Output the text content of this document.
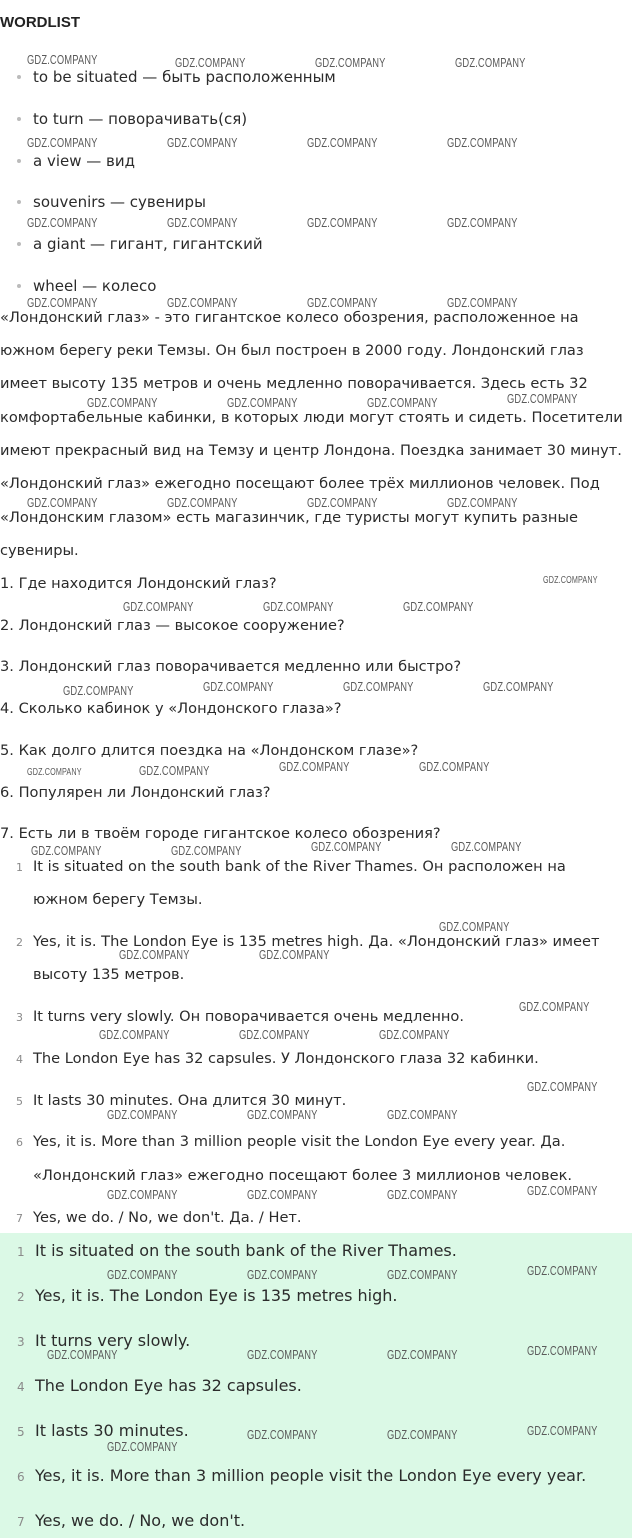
WORDLIST
to be situated — быть расположенным
to turn — поворачивать(ся)
a view — вид
souvenirs — сувениры
a giant — гигант, гигантский
wheel — колесо
«Лондонский глаз» - это гигантское колесо обозрения, расположенное на
южном берегу реки Темзы. Он был построен в 2000 году. Лондонский глаз
имеет высоту 135 метров и очень медленно поворачивается. Здесь есть 32
комфортабельные кабинки, в которых люди могут стоять и сидеть. Посетители
имеют прекрасный вид на Темзу и центр Лондона. Поездка занимает 30 минут.
«Лондонский глаз» ежегодно посещают более трёх миллионов человек. Под
«Лондонским глазом» есть магазинчик, где туристы могут купить разные
сувениры.
1. Где находится Лондонский глаз?
2. Лондонский глаз — высокое сооружение?
3. Лондонский глаз поворачивается медленно или быстро?
4. Сколько кабинок у «Лондонского глаза»?
5. Как долго длится поездка на «Лондонском глазе»?
6. Популярен ли Лондонский глаз?
7. Есть ли в твоём городе гигантское колесо обозрения?
1 It is situated on the south bank of the River Thames. Он расположен на
южном берегу Темзы.
2 Yes, it is. The London Eye is 135 metres high. Да. «Лондонский глаз» имеет
высоту 135 метров.
3 It turns very slowly. Он поворачивается очень медленно.
4 The London Eye has 32 capsules. У Лондонского глаза 32 кабинки.
5 It lasts 30 minutes. Она длится 30 минут.
6 Yes, it is. More than 3 million people visit the London Eye every year. Да.
«Лондонский глаз» ежегодно посещают более 3 миллионов человек.
7 Yes, we do. / No, we don't. Да. / Нет.
1 It is situated on the south bank of the River Thames.
2 Yes, it is. The London Eye is 135 metres high.
3 It turns very slowly.
4 The London Eye has 32 capsules.
5 It lasts 30 minutes.
6 Yes, it is. More than 3 million people visit the London Eye every year.
7 Yes, we do. / No, we don't.
GDZ.COMPANY	GDZ.COMPANY	GDZ.COMPANY	GDZ.COMPANY
GDZ.COMPANY	GDZ.COMPANY	GDZ.COMPANY	GDZ.COMPANY
GDZ.COMPANY	GDZ.COMPANY	GDZ.COMPANY	GDZ.COMPANY
GDZ.COMPANY	GDZ.COMPANY	GDZ.COMPANY	GDZ.COMPANY
GDZ.COMPANY	GDZ.COMPANY	GDZ.COMPANY	GDZ.COMPANY
GDZ.COMPANY	GDZ.COMPANY	GDZ.COMPANY	GDZ.COMPANY
GDZ.COMPANY	GDZ.COMPANY	GDZ.COMPANY
GDZ.COMPANY	GDZ.COMPANY	GDZ.COMPANY	GDZ.COMPANY
GDZ.COMPANY	GDZ.COMPANY	GDZ.COMPANY
GDZ.COMPANY	GDZ.COMPANY	GDZ.COMPANY	GDZ.COMPANY
GDZ.COMPANY
GDZ.COMPANY	GDZ.COMPANY
GDZ.COMPANY
GDZ.COMPANY	GDZ.COMPANY	GDZ.COMPANY
GDZ.COMPANY
GDZ.COMPANY	GDZ.COMPANY	GDZ.COMPANY
GDZ.COMPANY
GDZ.COMPANY	GDZ.COMPANY	GDZ.COMPANY
GDZ.COMPANY
GDZ.COMPANY	GDZ.COMPANY	GDZ.COMPANY
GDZ.COMPANY
GDZ.COMPANY	GDZ.COMPANY	GDZ.COMPANY
GDZ.COMPANY
GDZ.COMPANY
GDZ.COMPANY	GDZ.COMPANY
GDZ.COMPANY
GDZ.COMPANY
